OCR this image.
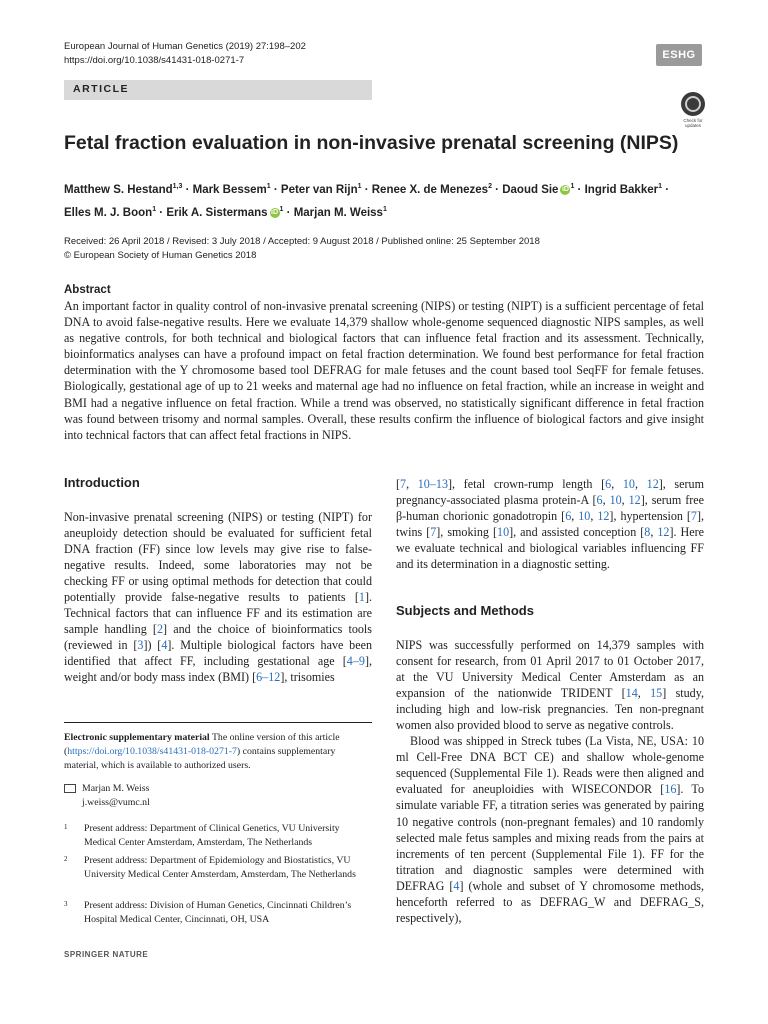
European Journal of Human Genetics (2019) 27:198–202
https://doi.org/10.1038/s41431-018-0271-7	ESHG
ARTICLE
Check for updates
Fetal fraction evaluation in non-invasive prenatal screening (NIPS)
Matthew S. Hestand$^{1,3}$ · Mark Bessem$^1$ · Peter van Rijn$^1$ · Renee X. de Menezes$^2$ · Daoud Sie iD $^1$ · Ingrid Bakker$^1$ ·
Elles M. J. Boon$^1$ · Erik A. Sistermans iD $^1$ · Marjan M. Weiss$^1$
Received: 26 April 2018 / Revised: 3 July 2018 / Accepted: 9 August 2018 / Published online: 25 September 2018
© European Society of Human Genetics 2018
Abstract
An important factor in quality control of non-invasive prenatal screening (NIPS) or testing (NIPT) is a sufficient percentage of fetal DNA to avoid false-negative results. Here we evaluate 14,379 shallow whole-genome sequenced diagnostic NIPS samples, as well as negative controls, for both technical and biological factors that can influence fetal fraction and its assessment. Technically, bioinformatics analyses can have a profound impact on fetal fraction determination. We found best performance for fetal fraction determination with the Y chromosome based tool DEFRAG for male fetuses and the count based tool SeqFF for female fetuses. Biologically, gestational age of up to 21 weeks and maternal age had no influence on fetal fraction, while an increase in weight and BMI had a negative influence on fetal fraction. While a trend was observed, no statistically significant difference in fetal fraction was found between trisomy and normal samples. Overall, these results confirm the influence of biological factors and give insight into technical factors that can affect fetal fractions in NIPS.
Introduction
Non-invasive prenatal screening (NIPS) or testing (NIPT) for aneuploidy detection should be evaluated for sufficient fetal DNA fraction (FF) since low levels may give rise to false-negative results. Indeed, some laboratories may not be checking FF or using optimal methods for detection that could potentially provide false-negative results to patients [1]. Technical factors that can influence FF and its estimation are sample handling [2] and the choice of bioinformatics tools (reviewed in [3]) [4]. Multiple biological factors have been identified that affect FF, including gestational age [4–9], weight and/or body mass index (BMI) [6–12], trisomies
[7, 10–13], fetal crown-rump length [6, 10, 12], serum pregnancy-associated plasma protein-A [6, 10, 12], serum free β-human chorionic gonadotropin [6, 10, 12], hypertension [7], twins [7], smoking [10], and assisted conception [8, 12]. Here we evaluate technical and biological variables influencing FF and its determination in a diagnostic setting.
Subjects and Methods
NIPS was successfully performed on 14,379 samples with consent for research, from 01 April 2017 to 01 October 2017, at the VU University Medical Center Amsterdam as an expansion of the nationwide TRIDENT [14, 15] study, including high and low-risk pregnancies. Ten non-pregnant women also provided blood to serve as negative controls.
Blood was shipped in Streck tubes (La Vista, NE, USA: 10 ml Cell-Free DNA BCT CE) and shallow whole-genome sequenced (Supplemental File 1). Reads were then aligned and evaluated for aneuploidies with WISECONDOR [16]. To simulate variable FF, a titration series was generated by pairing 10 negative controls (non-pregnant females) and 10 randomly selected male fetus samples and mixing reads from the pairs at increments of ten percent (Supplemental File 1). FF for the titration and diagnostic samples were determined with DEFRAG [4] (whole and subset of Y chromosome methods, henceforth referred to as DEFRAG_W and DEFRAG_S, respectively),
Electronic supplementary material The online version of this article (https://doi.org/10.1038/s41431-018-0271-7) contains supplementary material, which is available to authorized users.
Marjan M. Weiss
j.weiss@vumc.nl
1 Present address: Department of Clinical Genetics, VU University Medical Center Amsterdam, Amsterdam, The Netherlands
2 Present address: Department of Epidemiology and Biostatistics, VU University Medical Center Amsterdam, Amsterdam, The Netherlands
3 Present address: Division of Human Genetics, Cincinnati Children’s Hospital Medical Center, Cincinnati, OH, USA
SPRINGER NATURE
